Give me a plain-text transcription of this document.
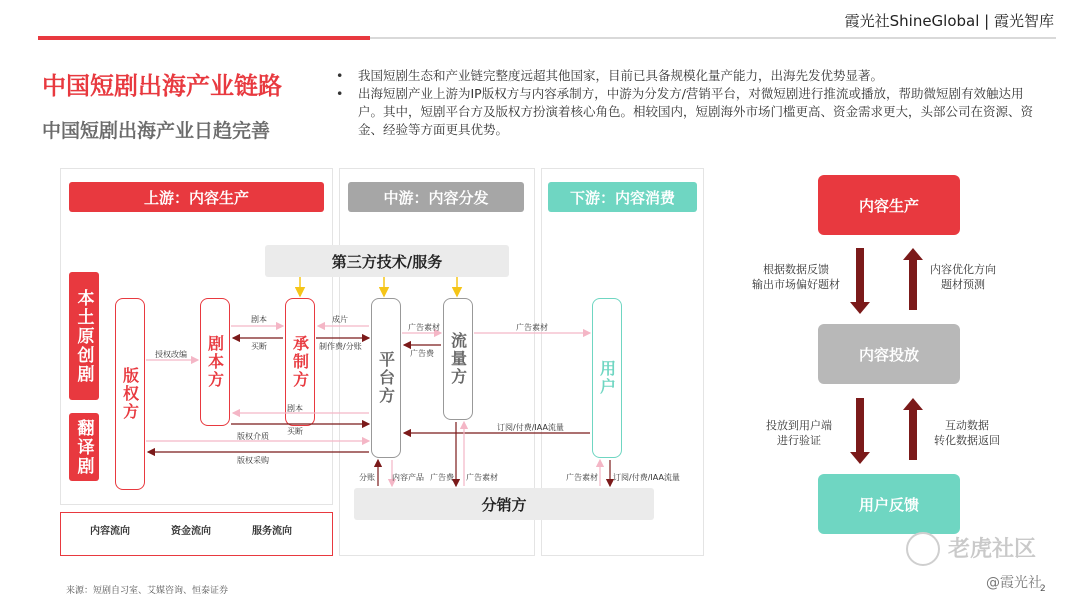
霞光社ShineGlobal | 霞光智库
中国短剧出海产业链路
中国短剧出海产业日趋完善
•	我国短剧生态和产业链完整度远超其他国家，目前已具备规模化量产能力，出海先发优势显著。
•	出海短剧产业上游为IP版权方与内容承制方，中游为分发方/营销平台，对微短剧进行推流或播放，帮助微短剧有效触达用户。其中，短剧平台方及版权方扮演着核心角色。相较国内，短剧海外市场门槛更高、资金需求更大，头部公司在资源、资金、经验等方面更具优势。
上游：内容生产	中游：内容分发	下游：内容消费
第三方技术/服务
本土原创剧
翻译剧
版权方
剧本方	承制方	平台方	流量方	用户
分销方
剧本
买断
成片
制作费/分账
授权改编
剧本
买断
版权介质
版权采购
广告素材
广告费
广告素材
订阅/付费/IAA流量
分账 内容产品 广告费 广告素材	广告素材 订阅/付费/IAA流量
内容流向	资金流向	服务流向
内容生产
内容投放
用户反馈
根据数据反馈
输出市场偏好题材
内容优化方向
题材预测
投放到用户端
进行验证
互动数据
转化数据返回
来源：短剧自习室、艾媒咨询、恒泰证券	2
老虎社区
@霞光社
